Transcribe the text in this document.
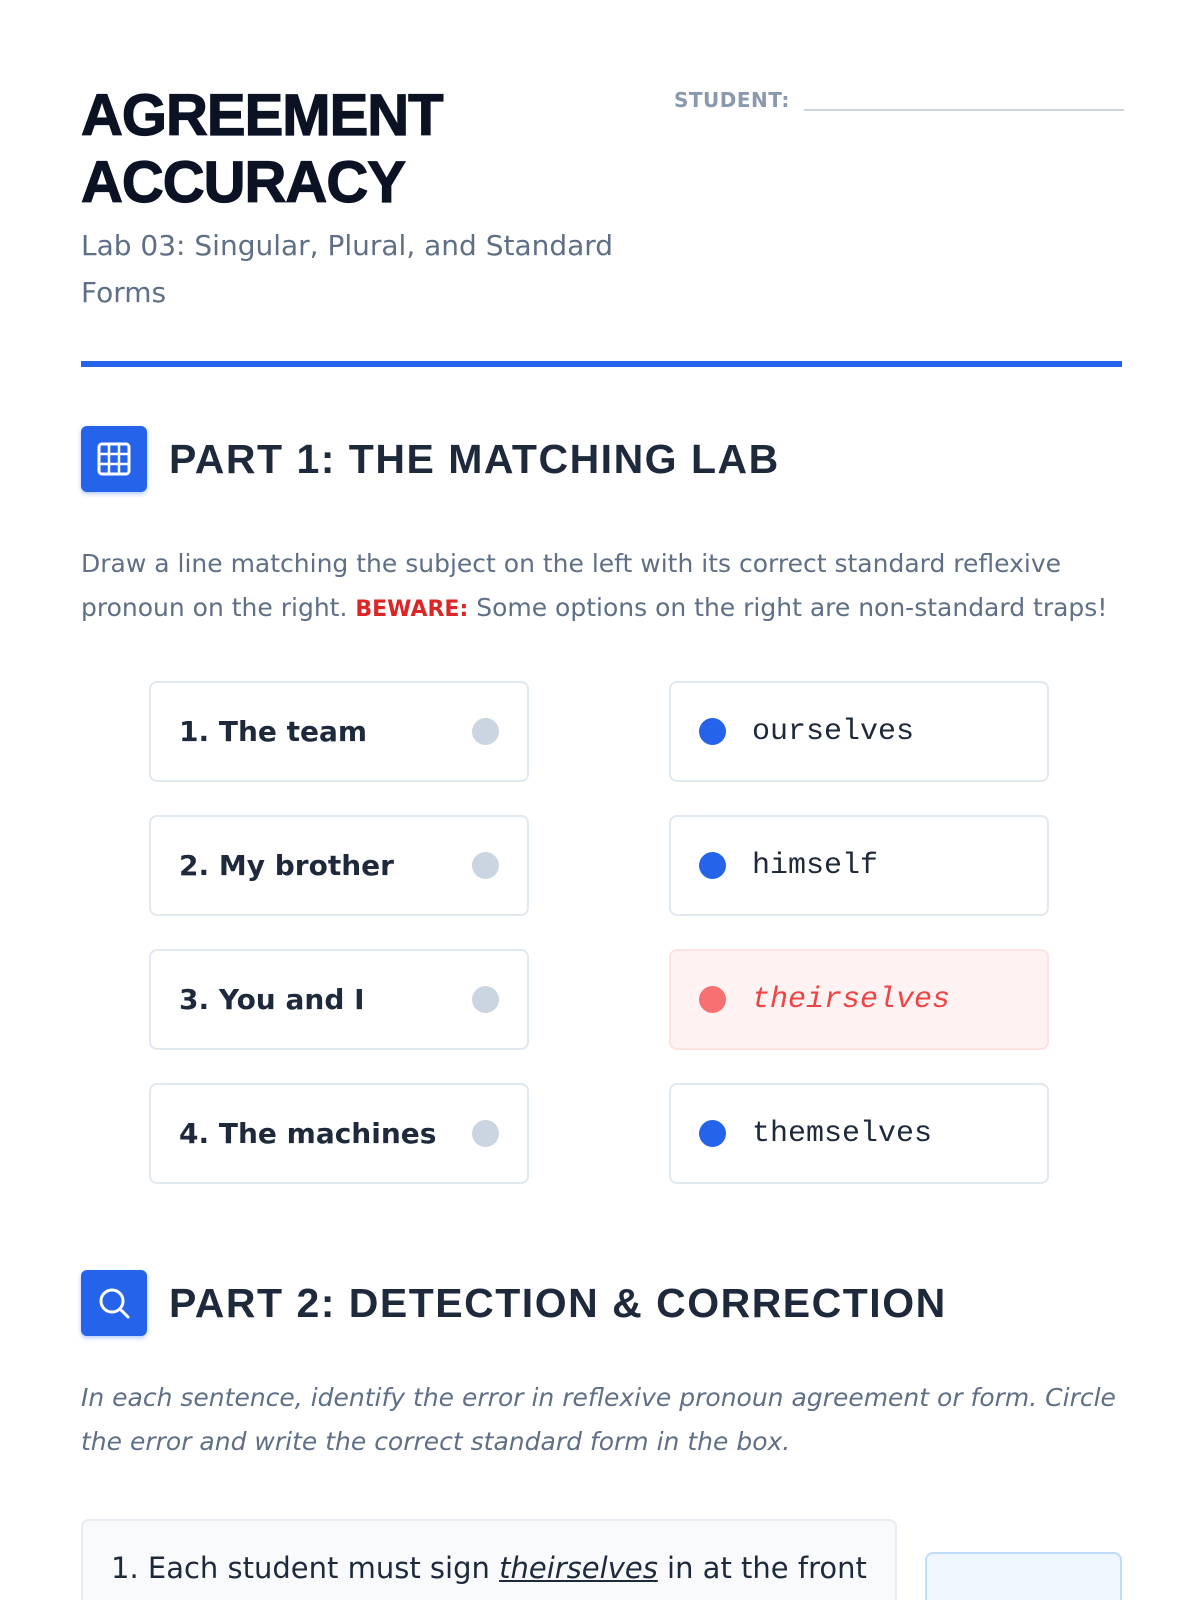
AGREEMENT
ACCURACY

Lab 03: Singular, Plural, and Standard Forms

STUDENT:
PART 1: THE MATCHING LAB
Draw a line matching the subject on the left with its correct standard reflexive pronoun on the right. BEWARE: Some options on the right are non-standard traps!
1. The team
2. My brother
3. You and I
4. The machines
ourselves
himself
theirselves
themselves
PART 2: DETECTION & CORRECTION
In each sentence, identify the error in reflexive pronoun agreement or form. Circle the error and write the correct standard form in the box.
1. Each student must sign theirselves in at the front
